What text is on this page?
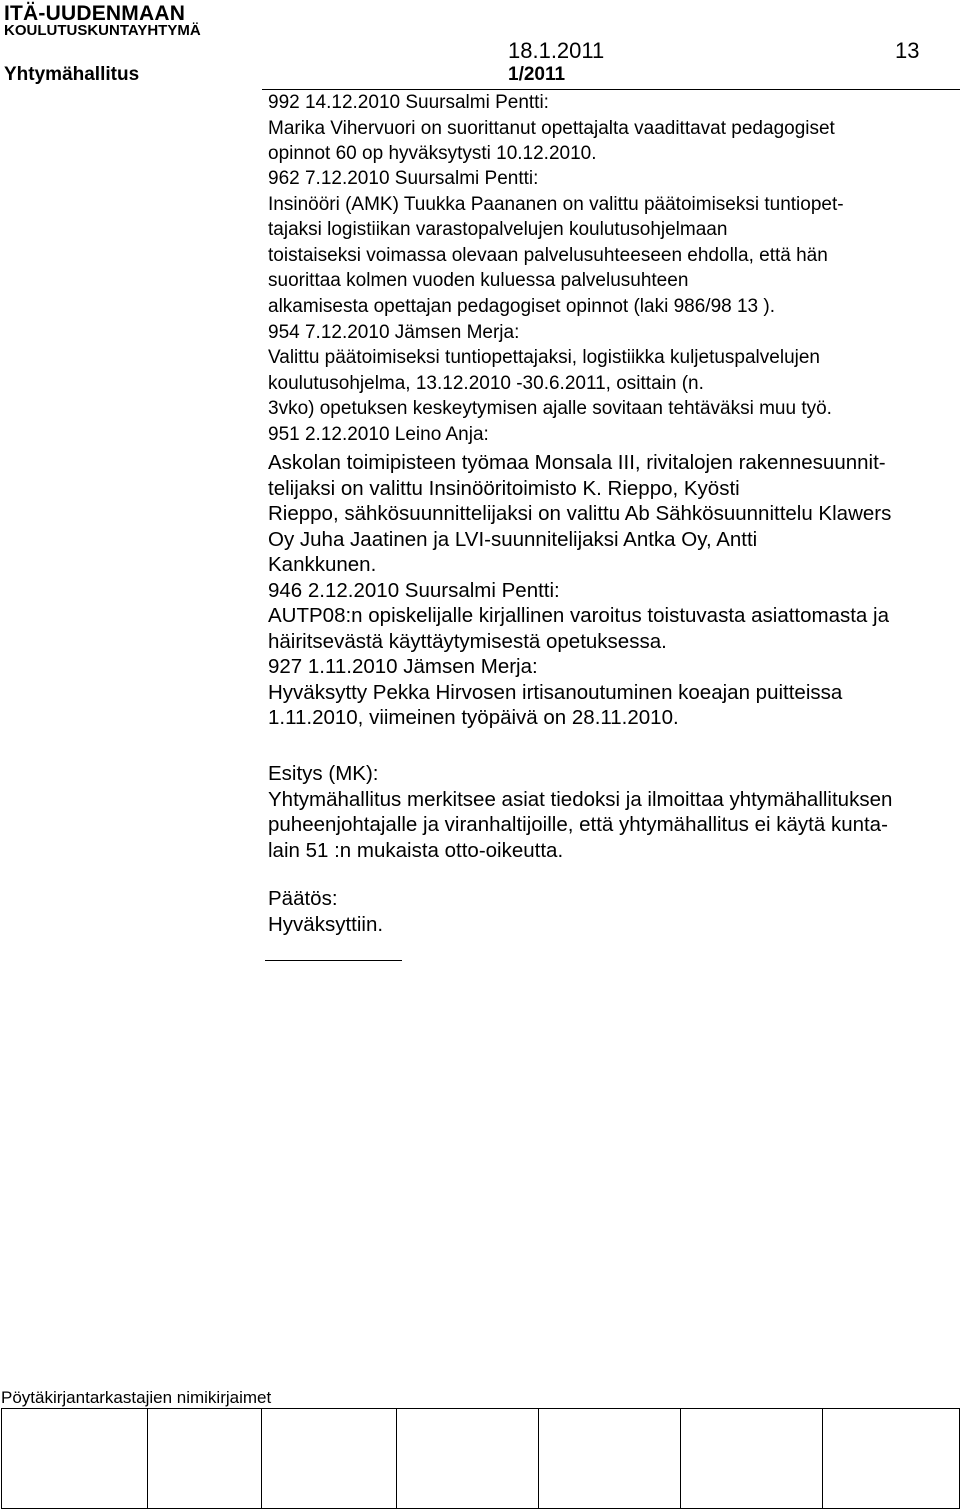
ITÄ-UUDENMAAN
KOULUTUSKUNTAYHTYMÄ
18.1.2011	13
Yhtymähallitus	1/2011
992 14.12.2010 Suursalmi Pentti:
Marika Vihervuori on suorittanut opettajalta vaadittavat pedagogiset
opinnot 60 op hyväksytysti 10.12.2010.
962 7.12.2010 Suursalmi Pentti:
Insinööri (AMK) Tuukka Paananen on valittu päätoimiseksi tuntiopet-
tajaksi logistiikan varastopalvelujen koulutusohjelmaan
toistaiseksi voimassa olevaan palvelusuhteeseen ehdolla, että hän
suorittaa kolmen vuoden kuluessa palvelusuhteen
alkamisesta opettajan pedagogiset opinnot (laki 986/98 13 ).
954 7.12.2010 Jämsen Merja:
Valittu päätoimiseksi tuntiopettajaksi, logistiikka kuljetuspalvelujen
koulutusohjelma, 13.12.2010 -30.6.2011, osittain (n.
3vko) opetuksen keskeytymisen ajalle sovitaan tehtäväksi muu työ.
951 2.12.2010 Leino Anja:
Askolan toimipisteen työmaa Monsala III, rivitalojen rakennesuunnit-
telijaksi on valittu Insinööritoimisto K. Rieppo, Kyösti
Rieppo, sähkösuunnittelijaksi on valittu Ab Sähkösuunnittelu Klawers
Oy Juha Jaatinen ja LVI-suunnitelijaksi Antka Oy, Antti
Kankkunen.
946 2.12.2010 Suursalmi Pentti:
AUTP08:n opiskelijalle kirjallinen varoitus toistuvasta asiattomasta ja
häiritsevästä käyttäytymisestä opetuksessa.
927 1.11.2010 Jämsen Merja:
Hyväksytty Pekka Hirvosen irtisanoutuminen koeajan puitteissa
1.11.2010, viimeinen työpäivä on 28.11.2010.
Esitys (MK):
Yhtymähallitus merkitsee asiat tiedoksi ja ilmoittaa yhtymähallituksen
puheenjohtajalle ja viranhaltijoille, että yhtymähallitus ei käytä kunta-
lain 51 :n mukaista otto-oikeutta.
Päätös:
Hyväksyttiin.
Pöytäkirjantarkastajien nimikirjaimet
